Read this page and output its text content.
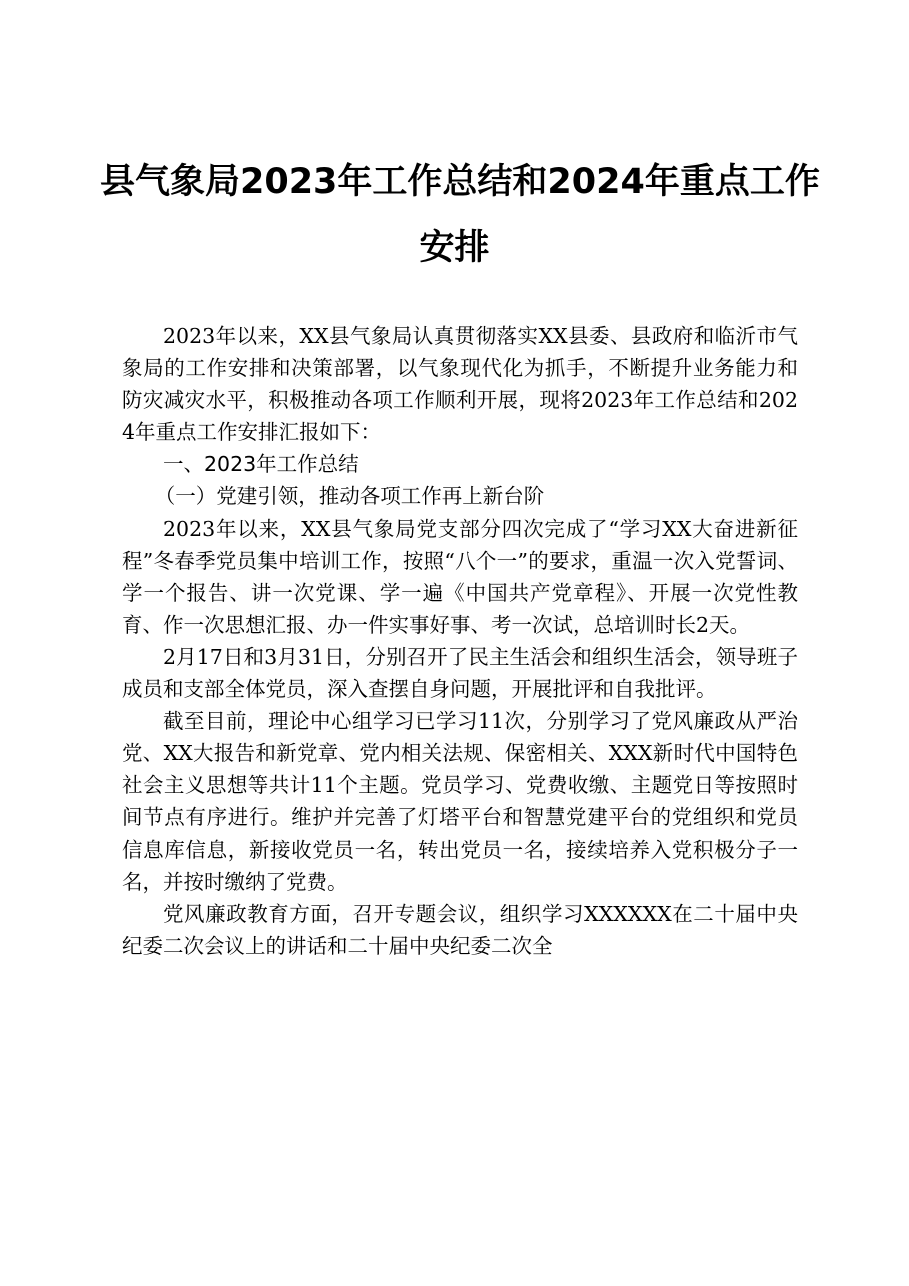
县气象局2023年工作总结和2024年重点工作
安排

2023年以来，XX县气象局认真贯彻落实XX县委、县政府和临沂市气象局的工作安排和决策部署，以气象现代化为抓手，不断提升业务能力和防灾减灾水平，积极推动各项工作顺利开展，现将2023年工作总结和2024年重点工作安排汇报如下：

一、2023年工作总结
（一）党建引领，推动各项工作再上新台阶

2023年以来，XX县气象局党支部分四次完成了“学习XX大奋进新征程”冬春季党员集中培训工作，按照“八个一”的要求，重温一次入党誓词、学一个报告、讲一次党课、学一遍《中国共产党章程》、开展一次党性教育、作一次思想汇报、办一件实事好事、考一次试，总培训时长2天。

2月17日和3月31日，分别召开了民主生活会和组织生活会，领导班子成员和支部全体党员，深入查摆自身问题，开展批评和自我批评。

截至目前，理论中心组学习已学习11次，分别学习了党风廉政从严治党、XX大报告和新党章、党内相关法规、保密相关、XXX新时代中国特色社会主义思想等共计11个主题。党员学习、党费收缴、主题党日等按照时间节点有序进行。维护并完善了灯塔平台和智慧党建平台的党组织和党员信息库信息，新接收党员一名，转出党员一名，接续培养入党积极分子一名，并按时缴纳了党费。

党风廉政教育方面，召开专题会议，组织学习XXXXXX在二十届中央纪委二次会议上的讲话和二十届中央纪委二次全
